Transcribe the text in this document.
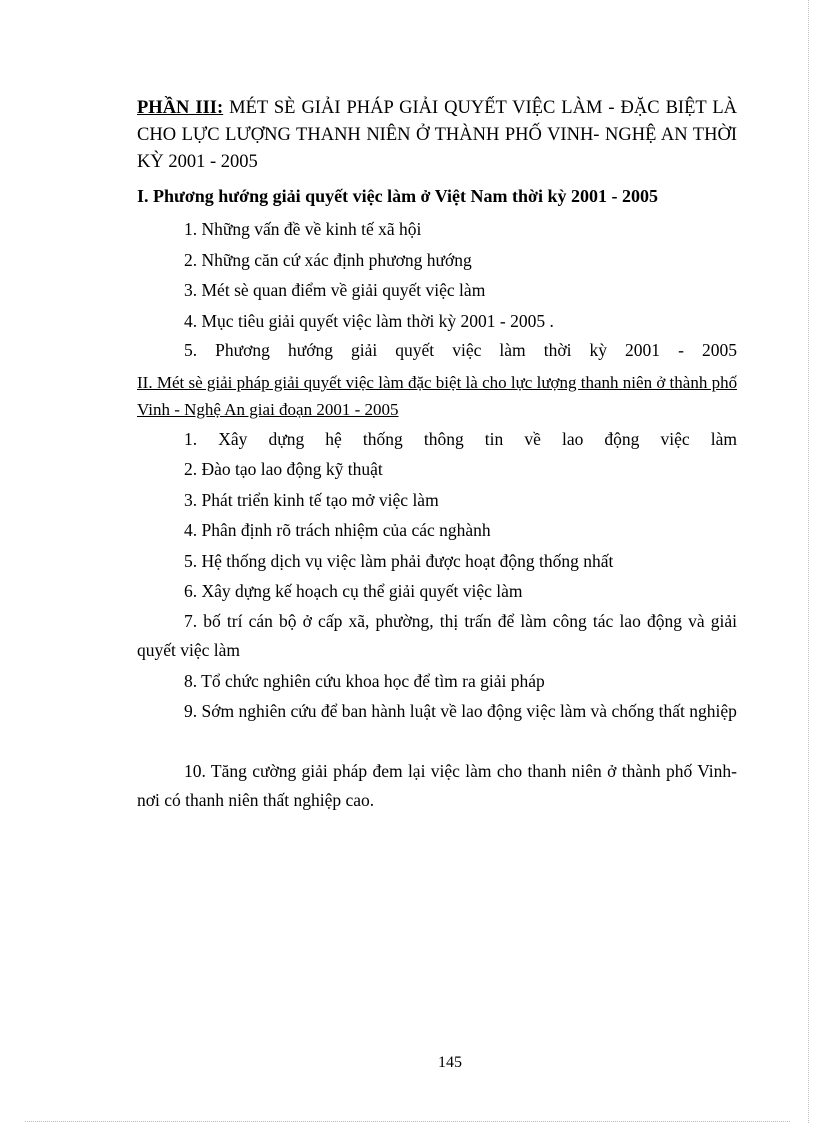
PHẦN III: MÉT SÈ GIẢI PHÁP GIẢI QUYẾT VIỆC LÀM - ĐẶC BIỆT LÀ CHO LỰC LƯỢNG THANH NIÊN Ở THÀNH PHỐ VINH- NGHỆ AN THỜI KỲ 2001 - 2005
I. Phương hướng giải quyết việc làm ở Việt Nam thời kỳ 2001 - 2005
1. Những vấn đề về kinh tế xã hội
2. Những căn cứ xác định phương hướng
3. Mét sè quan điểm về giải quyết việc làm
4. Mục tiêu giải quyết việc làm thời kỳ 2001 - 2005 .
5. Phương hướng giải quyết việc làm thời kỳ 2001 - 2005
II. Mét sè giải pháp giải quyết việc làm đặc biệt là cho lực lượng thanh niên ở thành phố Vinh - Nghệ An giai đoạn 2001 - 2005
1. Xây dựng hệ thống thông tin về lao động việc làm
2. Đào tạo lao động kỹ thuật
3. Phát triển kinh tế tạo mở việc làm
4. Phân định rõ trách nhiệm của các nghành
5. Hệ thống dịch vụ việc làm phải được hoạt động thống nhất
6. Xây dựng kế hoạch cụ thể giải quyết việc làm
7. bố trí cán bộ ở cấp xã, phường, thị trấn để làm công tác lao động và giải quyết việc làm
8. Tổ chức nghiên cứu khoa học để tìm ra giải pháp
9. Sớm nghiên cứu để ban hành luật về lao động việc làm và chống thất nghiệp
10. Tăng cường giải pháp đem lại việc làm cho thanh niên ở thành phố Vinh- nơi có thanh niên thất nghiệp cao.
145
